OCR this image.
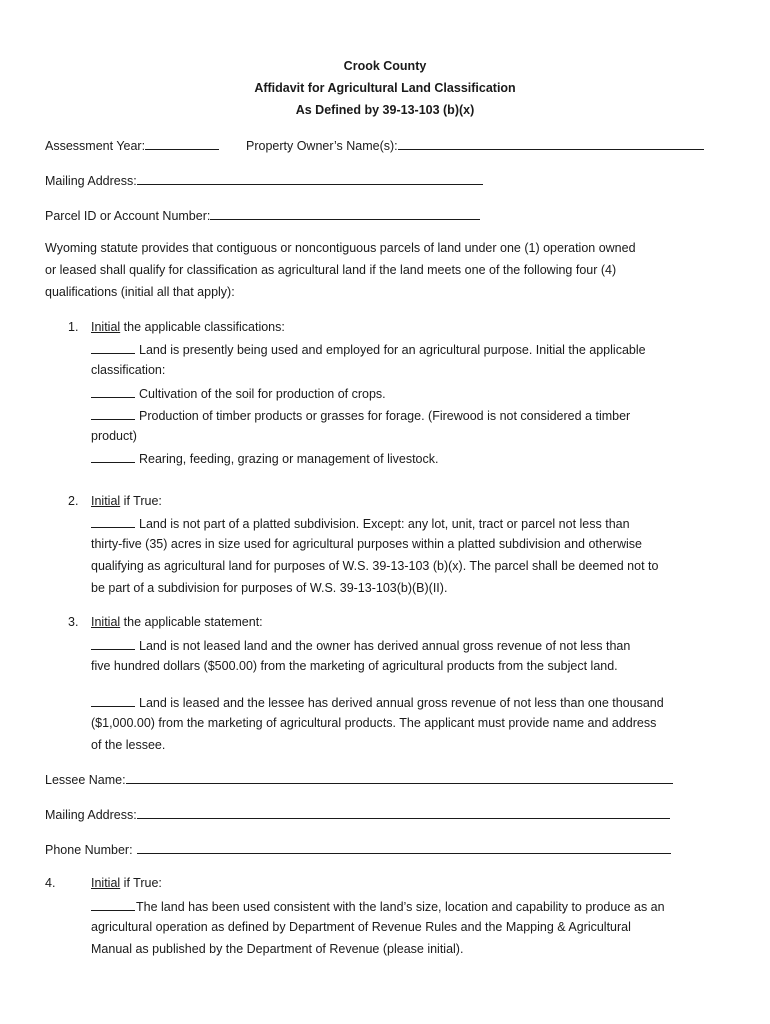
Crook County
Affidavit for Agricultural Land Classification
As Defined by 39-13-103 (b)(x)
Assessment Year:	Property Owner’s Name(s):
Mailing Address:
Parcel ID or Account Number:
Wyoming statute provides that contiguous or noncontiguous parcels of land under one (1) operation owned
or leased shall qualify for classification as agricultural land if the land meets one of the following four (4)
qualifications (initial all that apply):
1. Initial the applicable classifications:
Land is presently being used and employed for an agricultural purpose. Initial the applicable
classification:
Cultivation of the soil for production of crops.
Production of timber products or grasses for forage. (Firewood is not considered a timber
product)
Rearing, feeding, grazing or management of livestock.
2. Initial if True:
Land is not part of a platted subdivision. Except: any lot, unit, tract or parcel not less than
thirty-five (35) acres in size used for agricultural purposes within a platted subdivision and otherwise
qualifying as agricultural land for purposes of W.S. 39-13-103 (b)(x). The parcel shall be deemed not to
be part of a subdivision for purposes of W.S. 39-13-103(b)(B)(II).
3. Initial the applicable statement:
Land is not leased land and the owner has derived annual gross revenue of not less than
five hundred dollars ($500.00) from the marketing of agricultural products from the subject land.
Land is leased and the lessee has derived annual gross revenue of not less than one thousand
($1,000.00) from the marketing of agricultural products. The applicant must provide name and address
of the lessee.
Lessee Name:
Mailing Address:
Phone Number:
4.	Initial if True:
The land has been used consistent with the land’s size, location and capability to produce as an
agricultural operation as defined by Department of Revenue Rules and the Mapping & Agricultural
Manual as published by the Department of Revenue (please initial).
